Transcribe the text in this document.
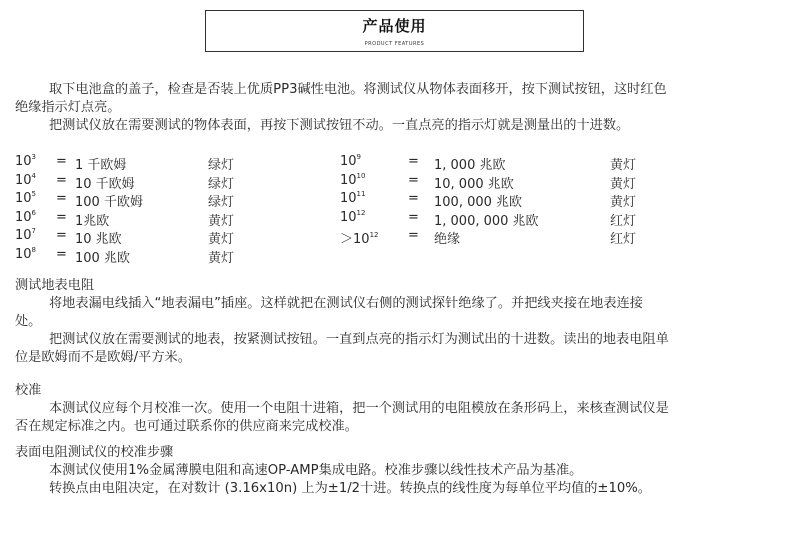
产品使用
PRODUCT FEATURES

取下电池盒的盖子，检查是否装上优质PP3碱性电池。将测试仪从物体表面移开，按下测试按钮，这时红色

绝缘指示灯点亮。

把测试仪放在需要测试的物体表面，再按下测试按钮不动。一直点亮的指示灯就是测量出的十进数。

$10^3 = 1$ 千欧姆	绿灯	$10^9$	= 1, 000 兆欧	黄灯
$10^4 = 10$ 千欧姆	绿灯	$10^{10}$	= 10, 000 兆欧	黄灯
$10^5 = 100$ 千欧姆	绿灯	$10^{11}$	= 100, 000 兆欧	黄灯
$10^6 = 1$兆欧	黄灯	$10^{12}$	= 1, 000, 000 兆欧	红灯
$10^7 = 10$ 兆欧	黄灯	$>10^{12}$ = 绝缘	红灯
$10^8 = 100$ 兆欧	黄灯

测试地表电阻

将地表漏电线插入“地表漏电”插座。这样就把在测试仪右侧的测试探针绝缘了。并把线夹接在地表连接

处。

把测试仪放在需要测试的地表，按紧测试按钮。一直到点亮的指示灯为测试出的十进数。读出的地表电阻单

位是欧姆而不是欧姆/平方米。

校准

本测试仪应每个月校准一次。使用一个电阻十进箱，把一个测试用的电阻模放在条形码上，来核查测试仪是

否在规定标准之内。也可通过联系你的供应商来完成校准。

表面电阻测试仪的校准步骤

本测试仪使用1%金属薄膜电阻和高速OP-AMP集成电路。校准步骤以线性技术产品为基准。

转换点由电阻决定，在对数计 (3.16x10n) 上为±1/2十进。转换点的线性度为每单位平均值的±10%。
